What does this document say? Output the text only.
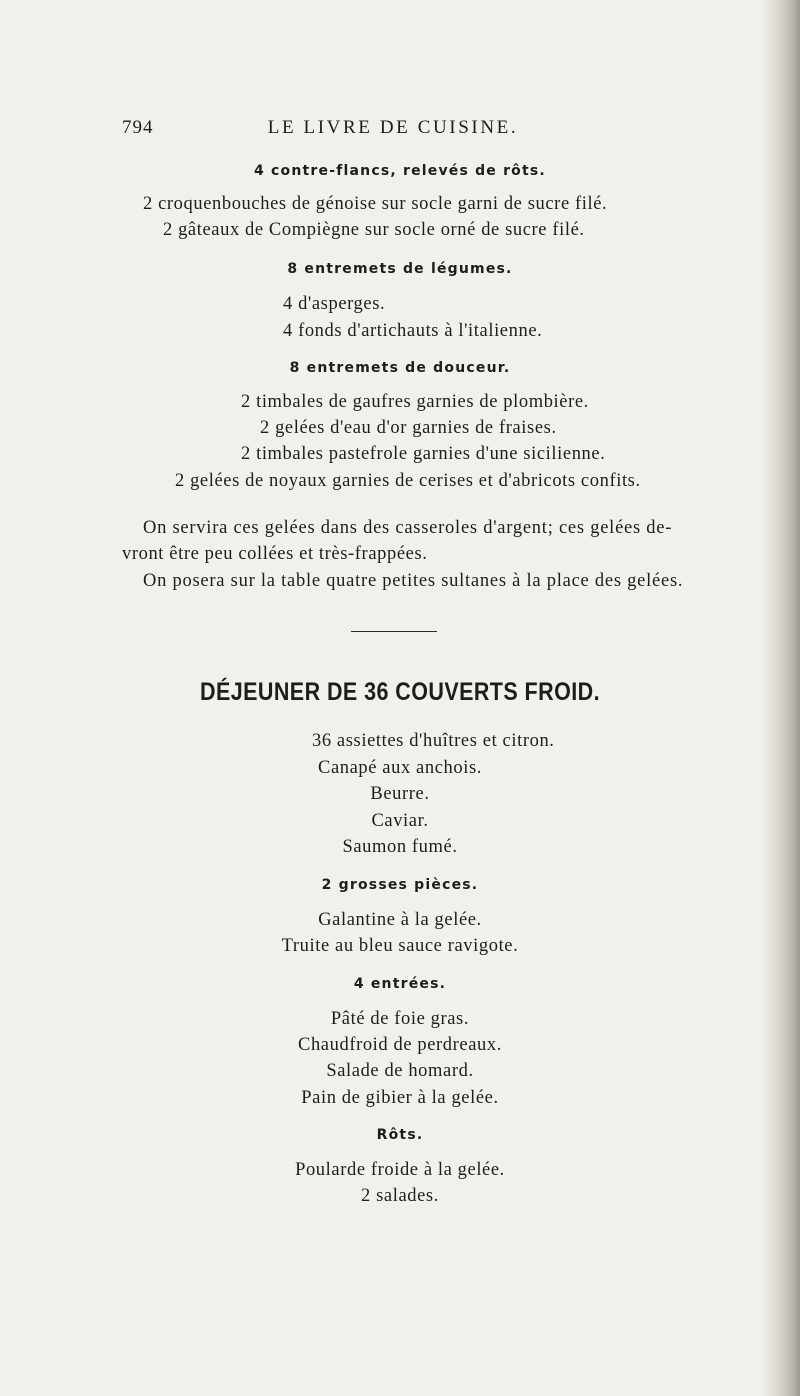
794	LE LIVRE DE CUISINE.
4 contre-flancs, relevés de rôts.
2 croquenbouches de génoise sur socle garni de sucre filé.
2 gâteaux de Compiègne sur socle orné de sucre filé.
8 entremets de légumes.
4 d'asperges.
4 fonds d'artichauts à l'italienne.
8 entremets de douceur.
2 timbales de gaufres garnies de plombière.
2 gelées d'eau d'or garnies de fraises.
2 timbales pastefrole garnies d'une sicilienne.
2 gelées de noyaux garnies de cerises et d'abricots confits.
On servira ces gelées dans des casseroles d'argent; ces gelées de-
vront être peu collées et très-frappées.
On posera sur la table quatre petites sultanes à la place des gelées.
DÉJEUNER DE 36 COUVERTS FROID.
36 assiettes d'huîtres et citron.
Canapé aux anchois.
Beurre.
Caviar.
Saumon fumé.
2 grosses pièces.
Galantine à la gelée.
Truite au bleu sauce ravigote.
4 entrées.
Pâté de foie gras.
Chaudfroid de perdreaux.
Salade de homard.
Pain de gibier à la gelée.
Rôts.
Poularde froide à la gelée.
2 salades.
